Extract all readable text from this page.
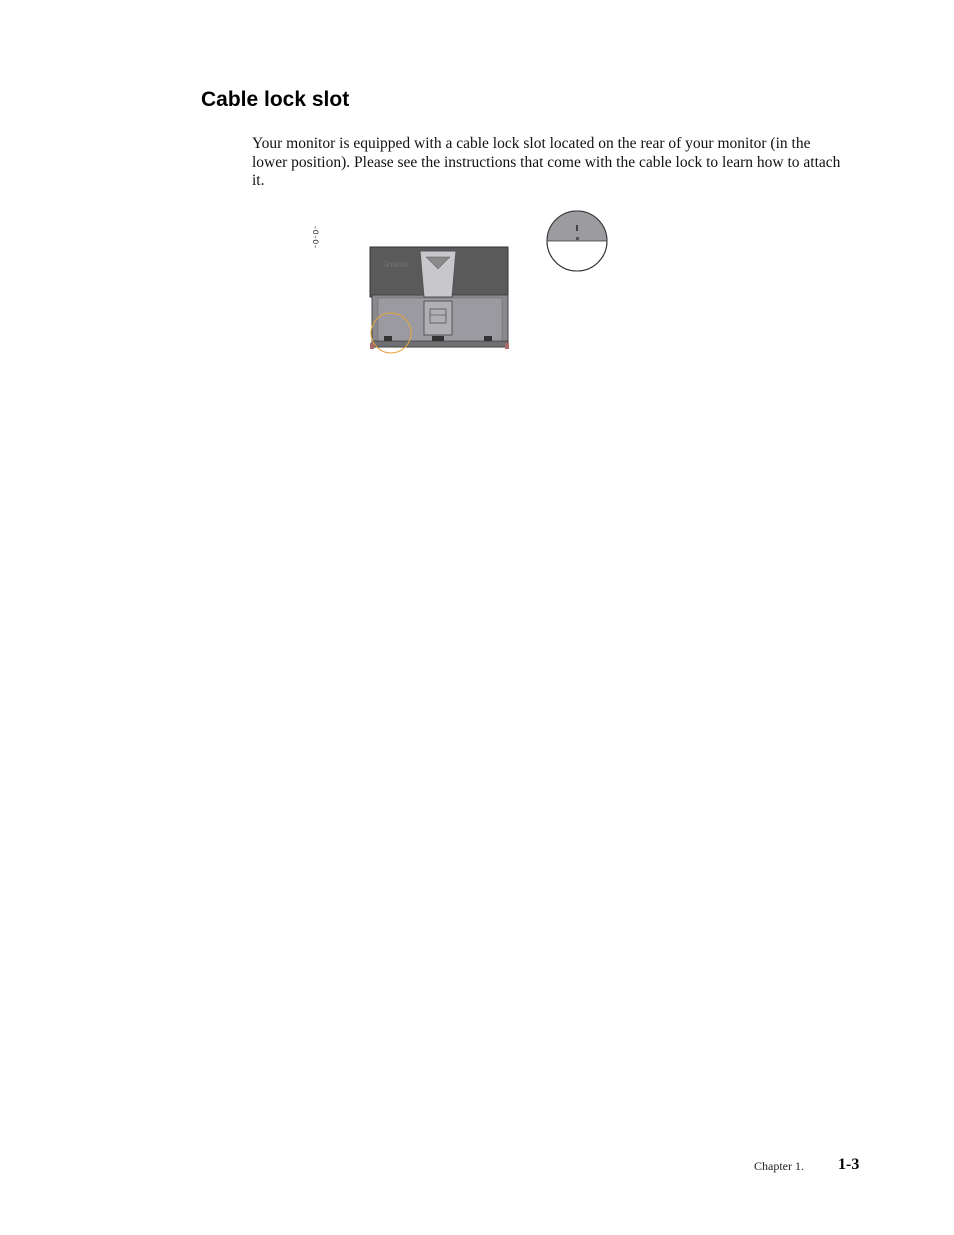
Cable lock slot

Your monitor is equipped with a cable lock slot located on the rear of your monitor (in the lower position). Please see the instructions that come with the cable lock to learn how to attach it.

-O-O-
lenovo
Chapter 1. 1-3
